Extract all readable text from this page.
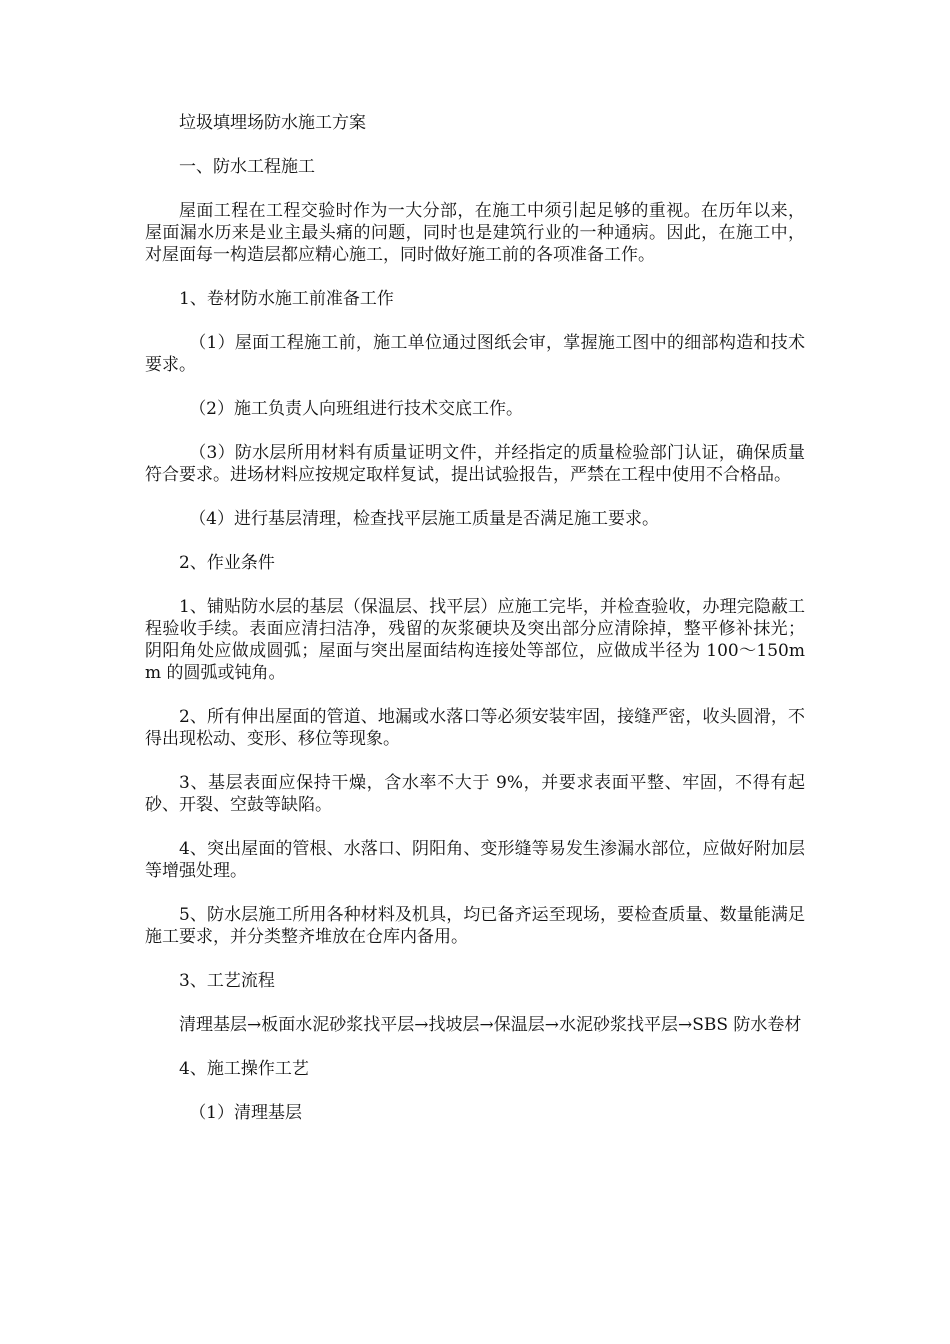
垃圾填埋场防水施工方案

一、防水工程施工

屋面工程在工程交验时作为一大分部，在施工中须引起足够的重视。在历年以来，屋面漏水历来是业主最头痛的问题，同时也是建筑行业的一种通病。因此，在施工中，对屋面每一构造层都应精心施工，同时做好施工前的各项准备工作。

1、卷材防水施工前准备工作

（1）屋面工程施工前，施工单位通过图纸会审，掌握施工图中的细部构造和技术要求。

（2）施工负责人向班组进行技术交底工作。

（3）防水层所用材料有质量证明文件，并经指定的质量检验部门认证，确保质量符合要求。进场材料应按规定取样复试，提出试验报告，严禁在工程中使用不合格品。

（4）进行基层清理，检查找平层施工质量是否满足施工要求。

2、作业条件

1、铺贴防水层的基层（保温层、找平层）应施工完毕，并检查验收，办理完隐蔽工程验收手续。表面应清扫洁净，残留的灰浆硬块及突出部分应清除掉，整平修补抹光；阴阳角处应做成圆弧；屋面与突出屋面结构连接处等部位，应做成半径为 100～150mm 的圆弧或钝角。

2、所有伸出屋面的管道、地漏或水落口等必须安装牢固，接缝严密，收头圆滑，不得出现松动、变形、移位等现象。

3、基层表面应保持干燥，含水率不大于 9%，并要求表面平整、牢固，不得有起砂、开裂、空鼓等缺陷。

4、突出屋面的管根、水落口、阴阳角、变形缝等易发生渗漏水部位，应做好附加层等增强处理。

5、防水层施工所用各种材料及机具，均已备齐运至现场，要检查质量、数量能满足施工要求，并分类整齐堆放在仓库内备用。

3、工艺流程

清理基层→板面水泥砂浆找平层→找坡层→保温层→水泥砂浆找平层→SBS 防水卷材

4、施工操作工艺

（1）清理基层
